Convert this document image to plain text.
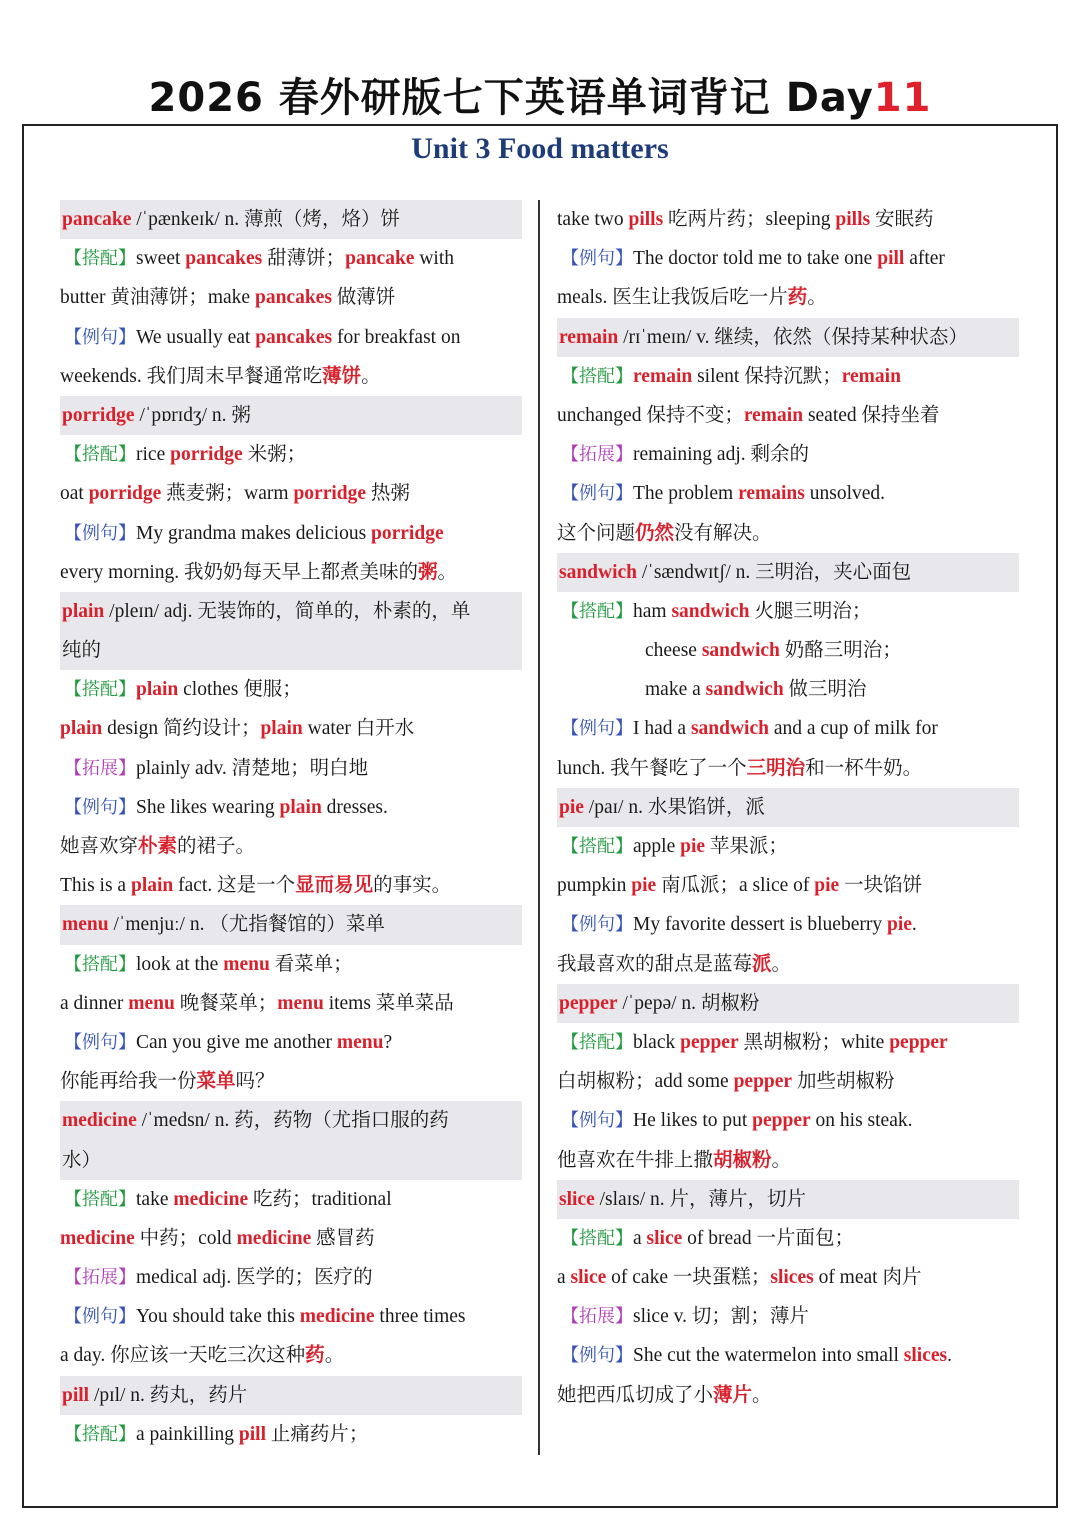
2026 春外研版七下英语单词背记 Day11
Unit 3 Food matters
pancake /ˈpænkeɪk/ n. 薄煎（烤，烙）饼
【搭配】sweet pancakes 甜薄饼；pancake with
butter 黄油薄饼；make pancakes 做薄饼
【例句】We usually eat pancakes for breakfast on
weekends. 我们周末早餐通常吃薄饼。
porridge /ˈpɒrɪdʒ/ n. 粥
【搭配】rice porridge 米粥；
oat porridge 燕麦粥；warm porridge 热粥
【例句】My grandma makes delicious porridge
every morning. 我奶奶每天早上都煮美味的粥。
plain /pleɪn/ adj. 无装饰的，简单的，朴素的，单
纯的
【搭配】plain clothes 便服；
plain design 简约设计；plain water 白开水
【拓展】plainly adv. 清楚地；明白地
【例句】She likes wearing plain dresses.
她喜欢穿朴素的裙子。
This is a plain fact. 这是一个显而易见的事实。
menu /ˈmenjuː/ n. （尤指餐馆的）菜单
【搭配】look at the menu 看菜单；
a dinner menu 晚餐菜单；menu items 菜单菜品
【例句】Can you give me another menu?
你能再给我一份菜单吗？
medicine /ˈmedsn/ n. 药，药物（尤指口服的药
水）
【搭配】take medicine 吃药；traditional
medicine 中药；cold medicine 感冒药
【拓展】medical adj. 医学的；医疗的
【例句】You should take this medicine three times
a day. 你应该一天吃三次这种药。
pill /pɪl/ n. 药丸，药片
【搭配】a painkilling pill 止痛药片；
take two pills 吃两片药；sleeping pills 安眠药
【例句】The doctor told me to take one pill after
meals. 医生让我饭后吃一片药。
remain /rɪˈmeɪn/ v. 继续，依然（保持某种状态）
【搭配】remain silent 保持沉默；remain
unchanged 保持不变；remain seated 保持坐着
【拓展】remaining adj. 剩余的
【例句】The problem remains unsolved.
这个问题仍然没有解决。
sandwich /ˈsændwɪtʃ/ n. 三明治，夹心面包
【搭配】ham sandwich 火腿三明治；
cheese sandwich 奶酪三明治；
make a sandwich 做三明治
【例句】I had a sandwich and a cup of milk for
lunch. 我午餐吃了一个三明治和一杯牛奶。
pie /paɪ/ n. 水果馅饼，派
【搭配】apple pie 苹果派；
pumpkin pie 南瓜派；a slice of pie 一块馅饼
【例句】My favorite dessert is blueberry pie.
我最喜欢的甜点是蓝莓派。
pepper /ˈpepə/ n. 胡椒粉
【搭配】black pepper 黑胡椒粉；white pepper
白胡椒粉；add some pepper 加些胡椒粉
【例句】He likes to put pepper on his steak.
他喜欢在牛排上撒胡椒粉。
slice /slaɪs/ n. 片，薄片，切片
【搭配】a slice of bread 一片面包；
a slice of cake 一块蛋糕；slices of meat 肉片
【拓展】slice v. 切；割；薄片
【例句】She cut the watermelon into small slices.
她把西瓜切成了小薄片。
